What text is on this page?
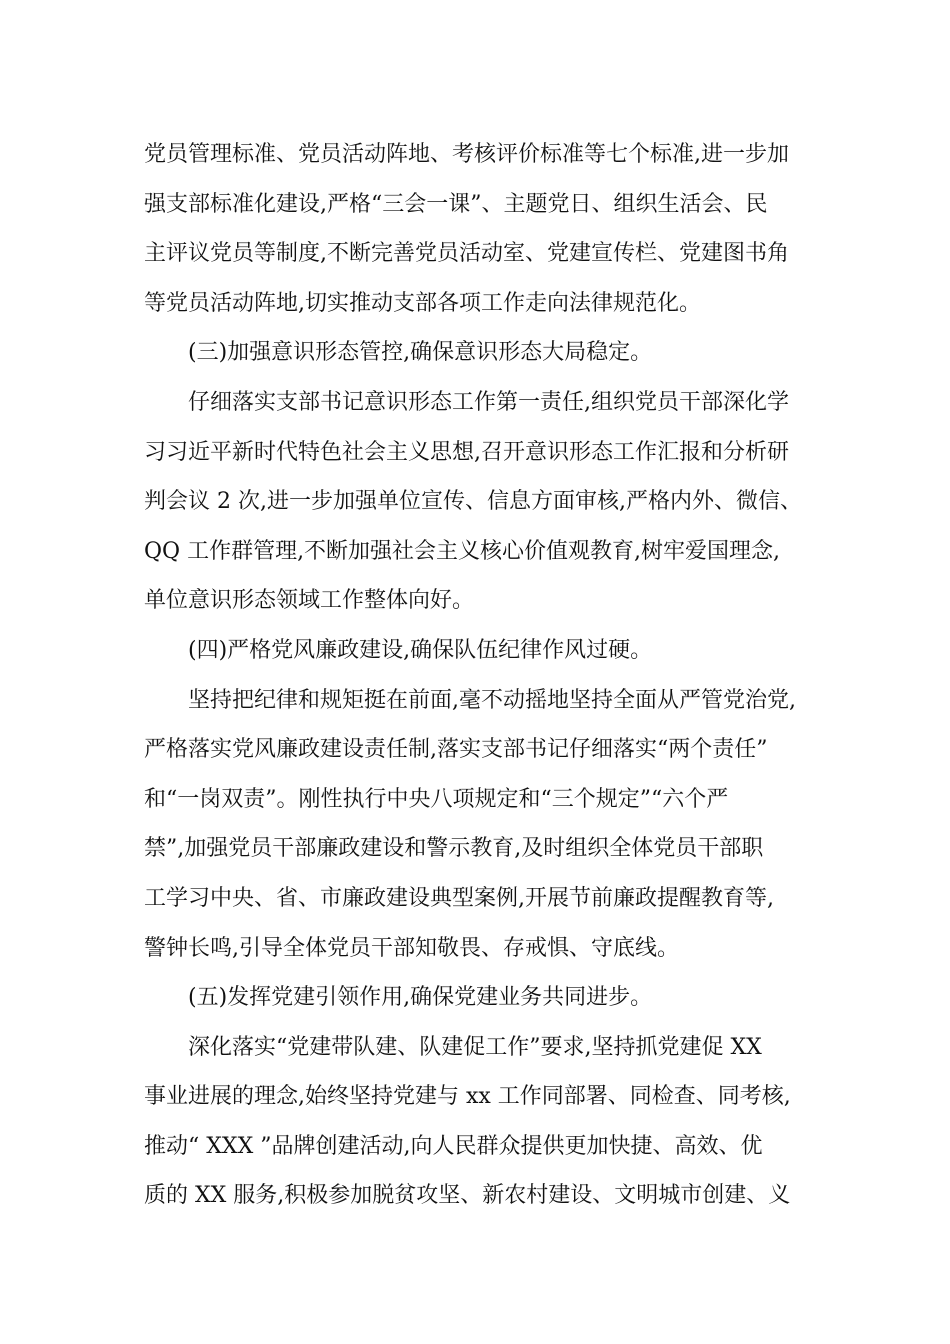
党员管理标准、党员活动阵地、考核评价标准等七个标准,进一步加
强支部标准化建设,严格“三会一课”、主题党日、组织生活会、民
主评议党员等制度,不断完善党员活动室、党建宣传栏、党建图书角
等党员活动阵地,切实推动支部各项工作走向法律规范化。
(三)加强意识形态管控,确保意识形态大局稳定。
仔细落实支部书记意识形态工作第一责任,组织党员干部深化学
习习近平新时代特色社会主义思想,召开意识形态工作汇报和分析研
判会议 2 次,进一步加强单位宣传、信息方面审核,严格内外、微信、
QQ 工作群管理,不断加强社会主义核心价值观教育,树牢爱国理念,
单位意识形态领域工作整体向好。
(四)严格党风廉政建设,确保队伍纪律作风过硬。
坚持把纪律和规矩挺在前面,毫不动摇地坚持全面从严管党治党,
严格落实党风廉政建设责任制,落实支部书记仔细落实“两个责任”
和“一岗双责”。刚性执行中央八项规定和“三个规定”“六个严
禁”,加强党员干部廉政建设和警示教育,及时组织全体党员干部职
工学习中央、省、市廉政建设典型案例,开展节前廉政提醒教育等,
警钟长鸣,引导全体党员干部知敬畏、存戒惧、守底线。
(五)发挥党建引领作用,确保党建业务共同进步。
深化落实“党建带队建、队建促工作”要求,坚持抓党建促 XX
事业进展的理念,始终坚持党建与 xx 工作同部署、同检查、同考核,
推动“ XXX ”品牌创建活动,向人民群众提供更加快捷、高效、优
质的 XX 服务,积极参加脱贫攻坚、新农村建设、文明城市创建、义
